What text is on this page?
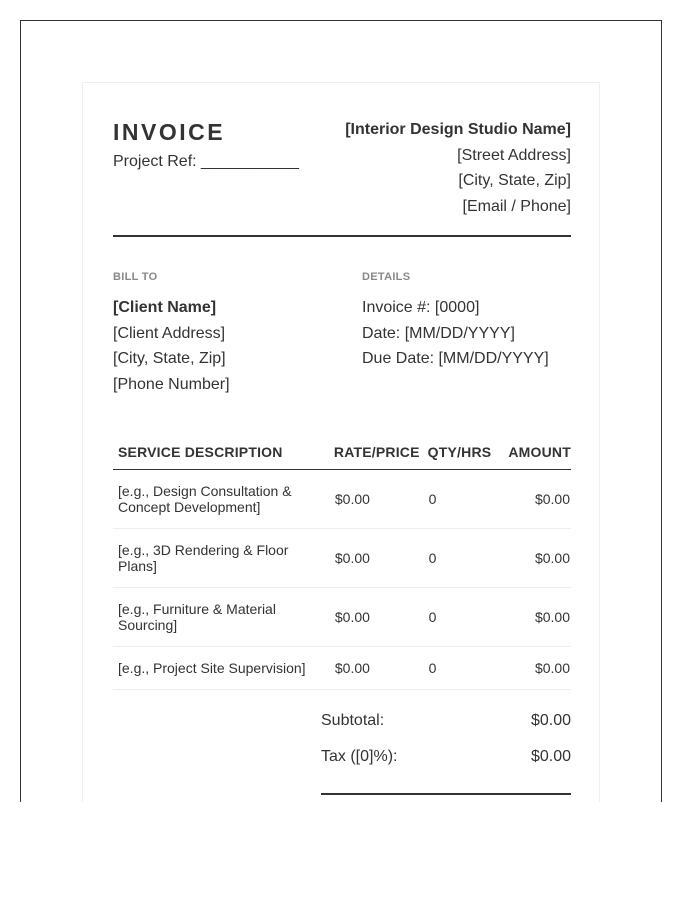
INVOICE
Project Ref: ___________
[Interior Design Studio Name]
[Street Address]
[City, State, Zip]
[Email / Phone]
BILL TO
[Client Name]
[Client Address]
[City, State, Zip]
[Phone Number]
DETAILS
Invoice #: [0000]
Date: [MM/DD/YYYY]
Due Date: [MM/DD/YYYY]
SERVICE DESCRIPTION	RATE/PRICE	QTY/HRS	AMOUNT
[e.g., Design Consultation & Concept Development]	$0.00	0	$0.00
[e.g., 3D Rendering & Floor Plans]	$0.00	0	$0.00
[e.g., Furniture & Material Sourcing]	$0.00	0	$0.00
[e.g., Project Site Supervision]	$0.00	0	$0.00
Subtotal:	$0.00
Tax ([0]%):	$0.00
